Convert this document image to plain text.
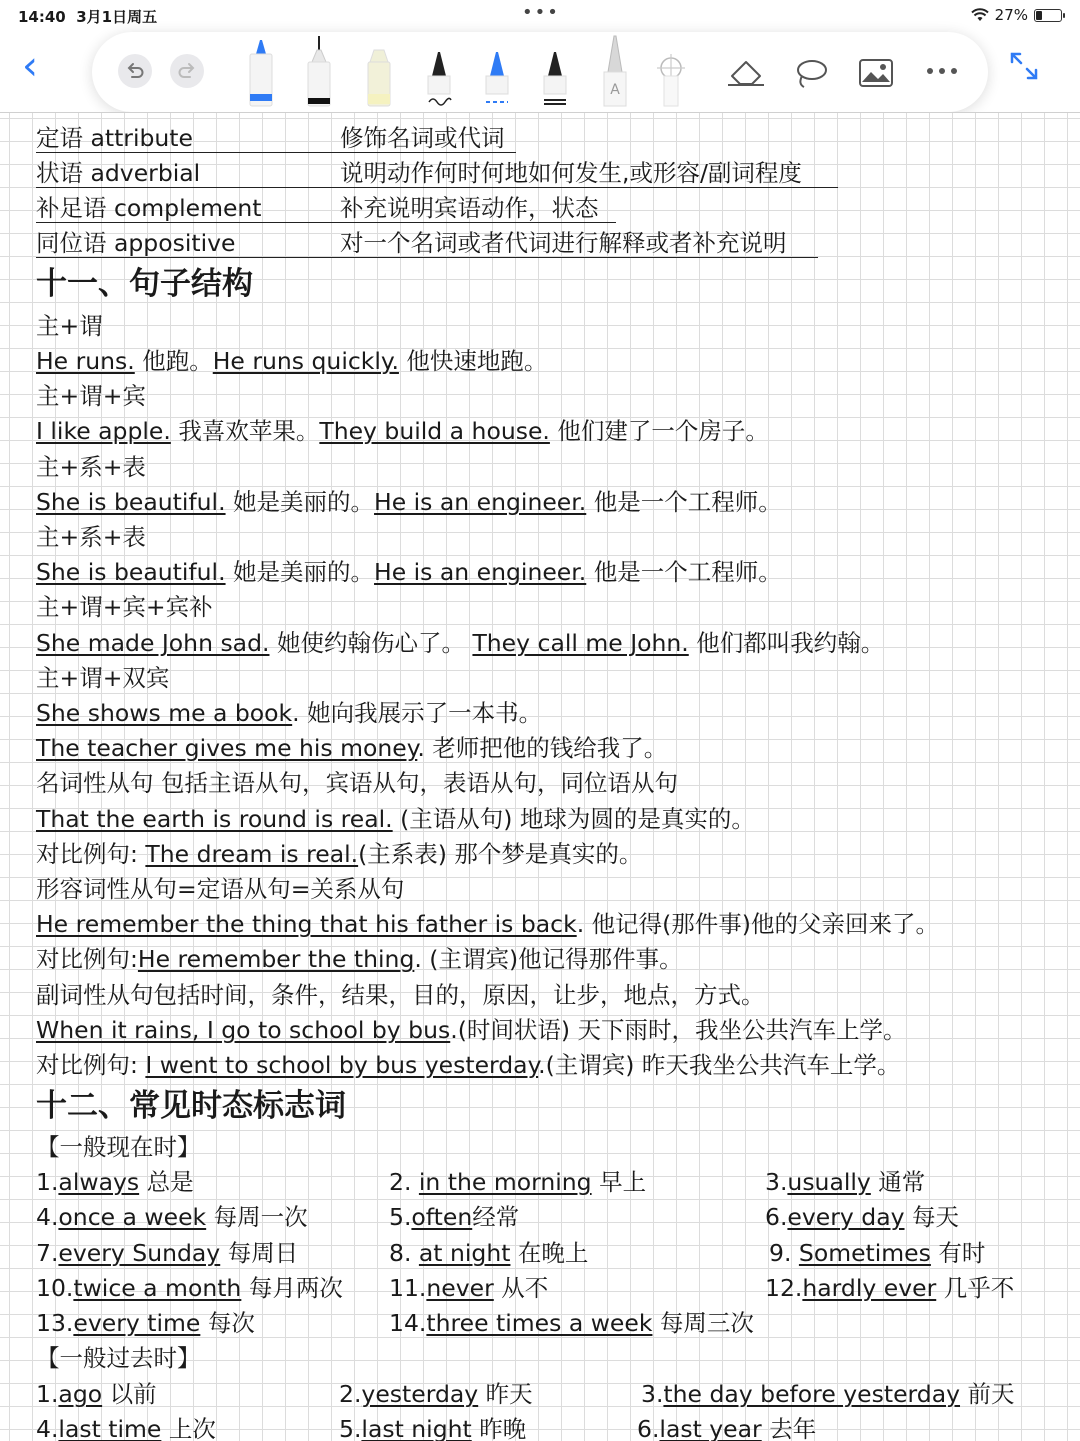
14:40 3月1日周五	•••	27%
‹
A
定语 attribute	修饰名词或代词
状语 adverbial	说明动作何时何地如何发生,或形容/副词程度
补足语 complement	补充说明宾语动作，状态
同位语 appositive	对一个名词或者代词进行解释或者补充说明
十一、句子结构
主+谓
He runs. 他跑。He runs quickly. 他快速地跑。
主+谓+宾
I like apple. 我喜欢苹果。They build a house. 他们建了一个房子。
主+系+表
She is beautiful. 她是美丽的。He is an engineer. 他是一个工程师。
主+系+表
She is beautiful. 她是美丽的。He is an engineer. 他是一个工程师。
主+谓+宾+宾补
She made John sad. 她使约翰伤心了。 They call me John. 他们都叫我约翰。
主+谓+双宾
She shows me a book. 她向我展示了一本书。
The teacher gives me his money. 老师把他的钱给我了。
名词性从句 包括主语从句，宾语从句，表语从句，同位语从句
That the earth is round is real. (主语从句) 地球为圆的是真实的。
对比例句: The dream is real.(主系表) 那个梦是真实的。
形容词性从句=定语从句=关系从句
He remember the thing that his father is back. 他记得(那件事)他的父亲回来了。
对比例句:He remember the thing. (主谓宾)他记得那件事。
副词性从句包括时间，条件，结果，目的，原因，让步，地点，方式。
When it rains, I go to school by bus.(时间状语) 天下雨时，我坐公共汽车上学。
对比例句: I went to school by bus yesterday.(主谓宾) 昨天我坐公共汽车上学。
十二、常见时态标志词
【一般现在时】
1.always 总是	2. in the morning 早上	3.usually 通常
4.once a week 每周一次	5.often经常	6.every day 每天
7.every Sunday 每周日	8. at night 在晚上	9. Sometimes 有时
10.twice a month 每月两次 11.never 从不	12.hardly ever 几乎不
13.every time 每次	14.three times a week 每周三次
【一般过去时】
1.ago 以前	2.yesterday 昨天	3.the day before yesterday 前天
4.last time 上次	5.last night 昨晚	6.last year 去年
